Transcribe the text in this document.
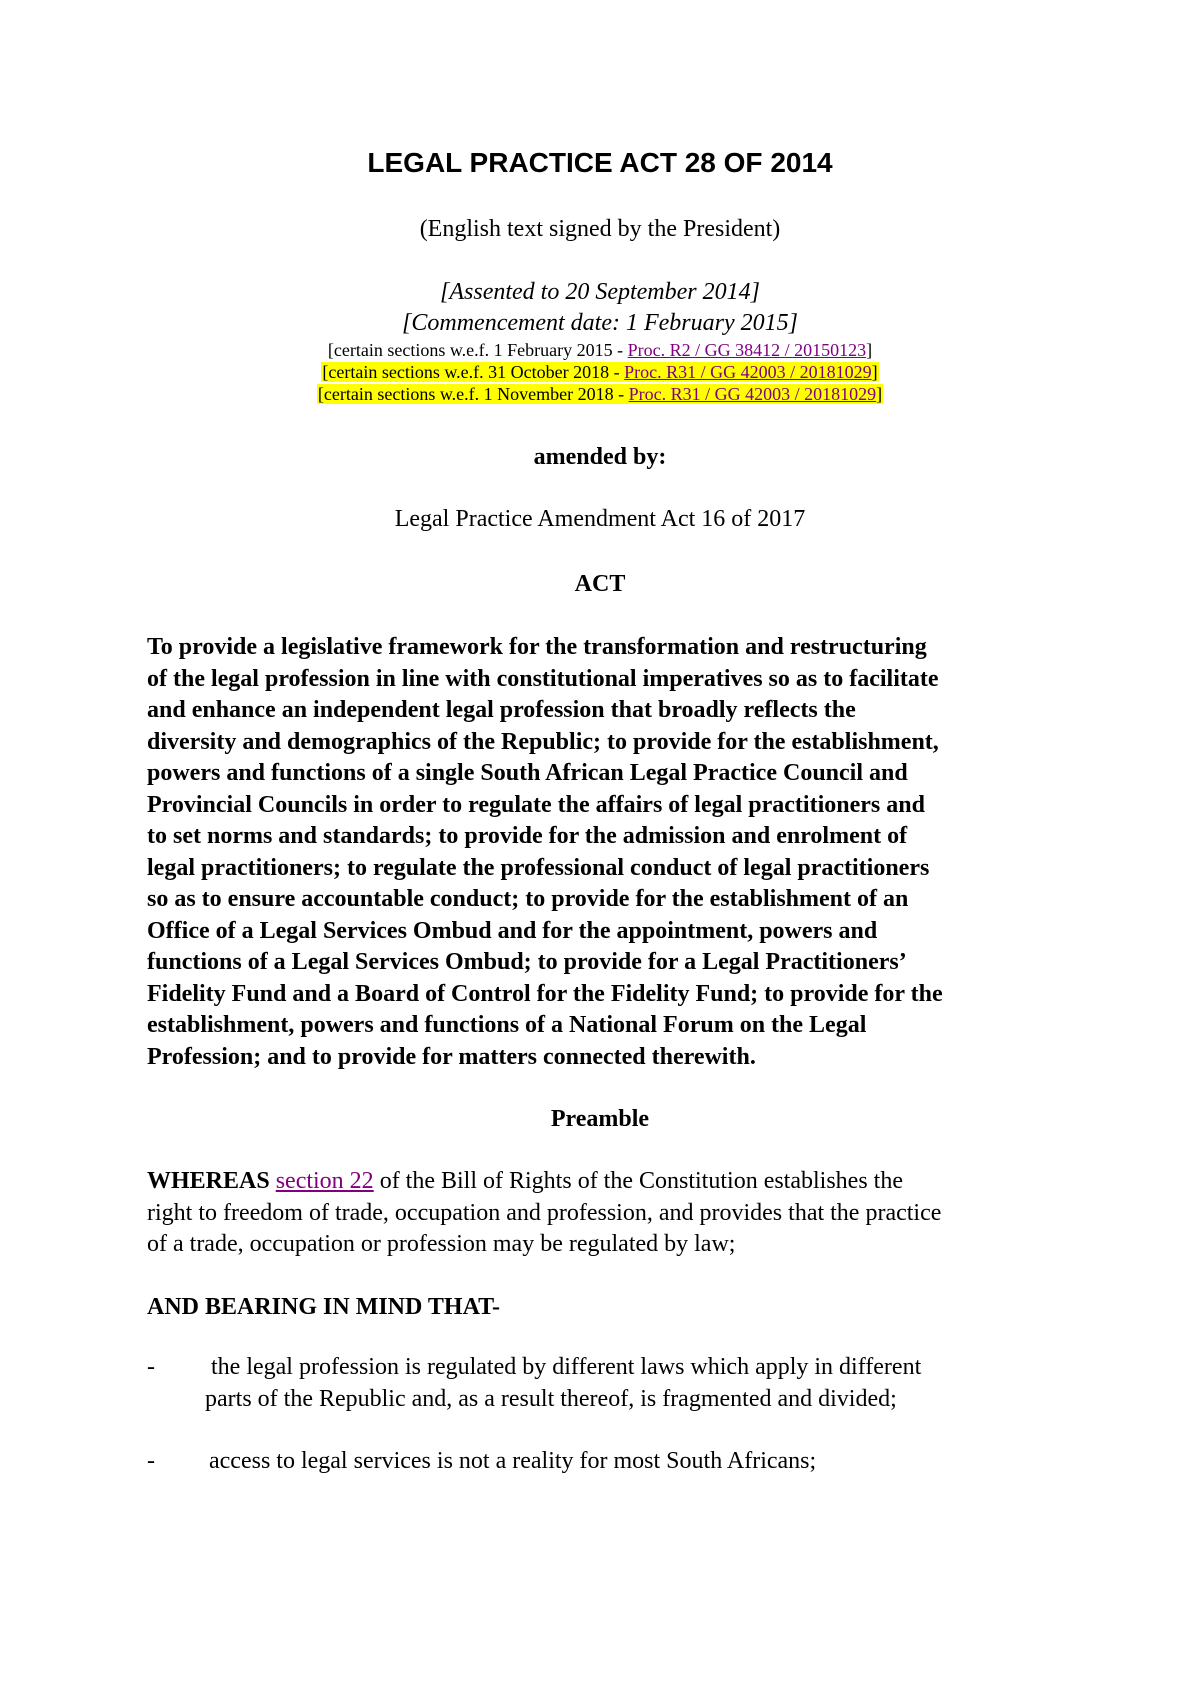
LEGAL PRACTICE ACT 28 OF 2014
(English text signed by the President)
[Assented to 20 September 2014]
[Commencement date: 1 February 2015]
[certain sections w.e.f. 1 February 2015 - Proc. R2 / GG 38412 / 20150123]
[certain sections w.e.f. 31 October 2018 - Proc. R31 / GG 42003 / 20181029]
[certain sections w.e.f. 1 November 2018 - Proc. R31 / GG 42003 / 20181029]
amended by:
Legal Practice Amendment Act 16 of 2017
ACT
To provide a legislative framework for the transformation and restructuring
of the legal profession in line with constitutional imperatives so as to facilitate
and enhance an independent legal profession that broadly reflects the
diversity and demographics of the Republic; to provide for the establishment,
powers and functions of a single South African Legal Practice Council and
Provincial Councils in order to regulate the affairs of legal practitioners and
to set norms and standards; to provide for the admission and enrolment of
legal practitioners; to regulate the professional conduct of legal practitioners
so as to ensure accountable conduct; to provide for the establishment of an
Office of a Legal Services Ombud and for the appointment, powers and
functions of a Legal Services Ombud; to provide for a Legal Practitioners’
Fidelity Fund and a Board of Control for the Fidelity Fund; to provide for the
establishment, powers and functions of a National Forum on the Legal
Profession; and to provide for matters connected therewith.
Preamble
WHEREAS section 22 of the Bill of Rights of the Constitution establishes the
right to freedom of trade, occupation and profession, and provides that the practice
of a trade, occupation or profession may be regulated by law;
AND BEARING IN MIND THAT-
- the legal profession is regulated by different laws which apply in different
parts of the Republic and, as a result thereof, is fragmented and divided;
- access to legal services is not a reality for most South Africans;
